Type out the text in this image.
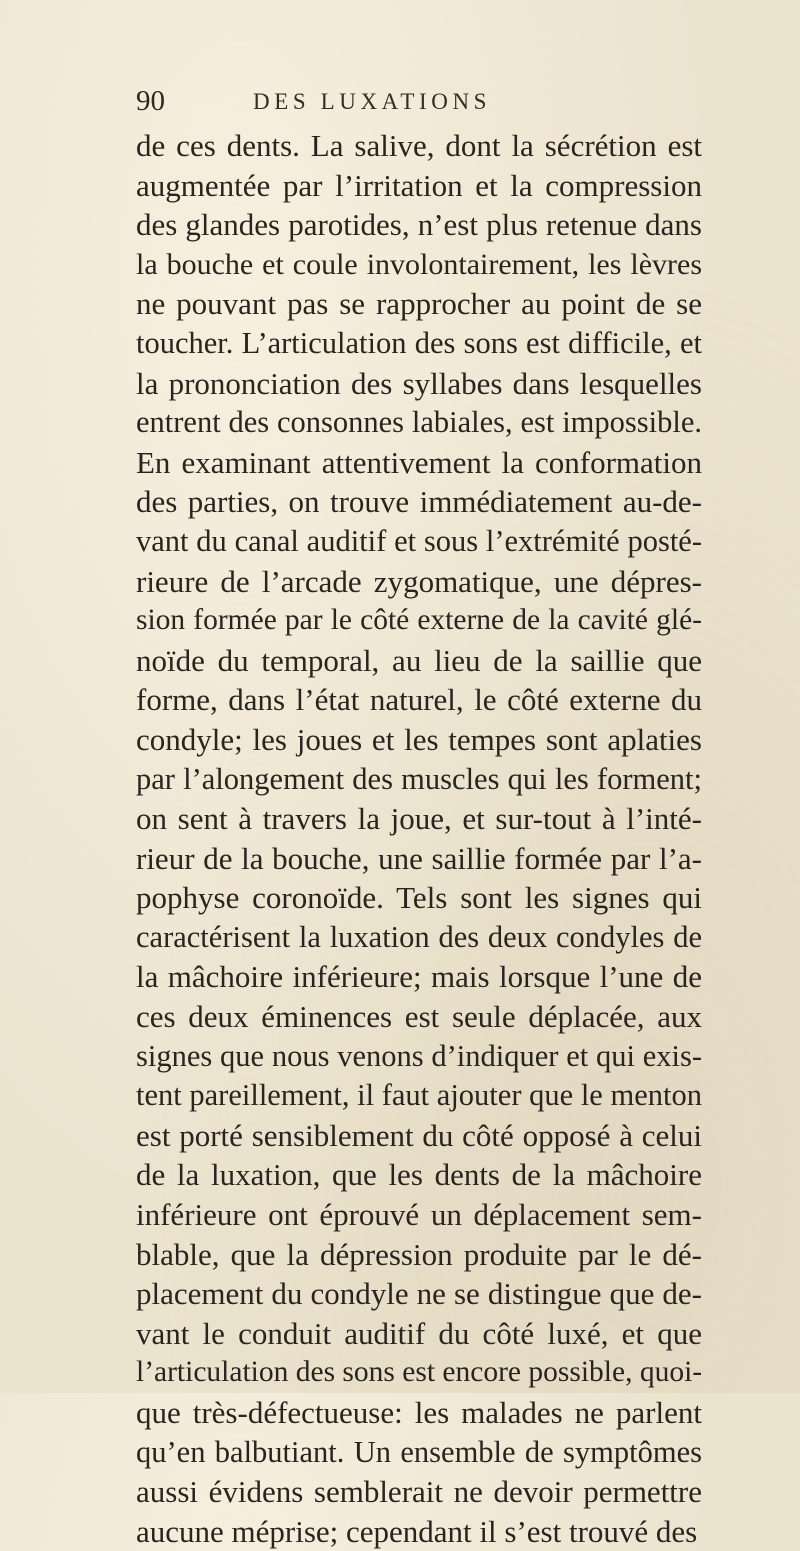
90	DES LUXATIONS
de ces dents. La salive, dont la sécrétion est
augmentée par l’irritation et la compression
des glandes parotides, n’est plus retenue dans
la bouche et coule involontairement, les lèvres
ne pouvant pas se rapprocher au point de se
toucher. L’articulation des sons est difficile, et
la prononciation des syllabes dans lesquelles
entrent des consonnes labiales, est impossible.
En examinant attentivement la conformation
des parties, on trouve immédiatement au-de-
vant du canal auditif et sous l’extrémité posté-
rieure de l’arcade zygomatique, une dépres-
sion formée par le côté externe de la cavité glé-
noïde du temporal, au lieu de la saillie que
forme, dans l’état naturel, le côté externe du
condyle; les joues et les tempes sont aplaties
par l’alongement des muscles qui les forment;
on sent à travers la joue, et sur-tout à l’inté-
rieur de la bouche, une saillie formée par l’a-
pophyse coronoïde. Tels sont les signes qui
caractérisent la luxation des deux condyles de
la mâchoire inférieure; mais lorsque l’une de
ces deux éminences est seule déplacée, aux
signes que nous venons d’indiquer et qui exis-
tent pareillement, il faut ajouter que le menton
est porté sensiblement du côté opposé à celui
de la luxation, que les dents de la mâchoire
inférieure ont éprouvé un déplacement sem-
blable, que la dépression produite par le dé-
placement du condyle ne se distingue que de-
vant le conduit auditif du côté luxé, et que
l’articulation des sons est encore possible, quoi-
que très-défectueuse: les malades ne parlent
qu’en balbutiant. Un ensemble de symptômes
aussi évidens semblerait ne devoir permettre
aucune méprise; cependant il s’est trouvé des
